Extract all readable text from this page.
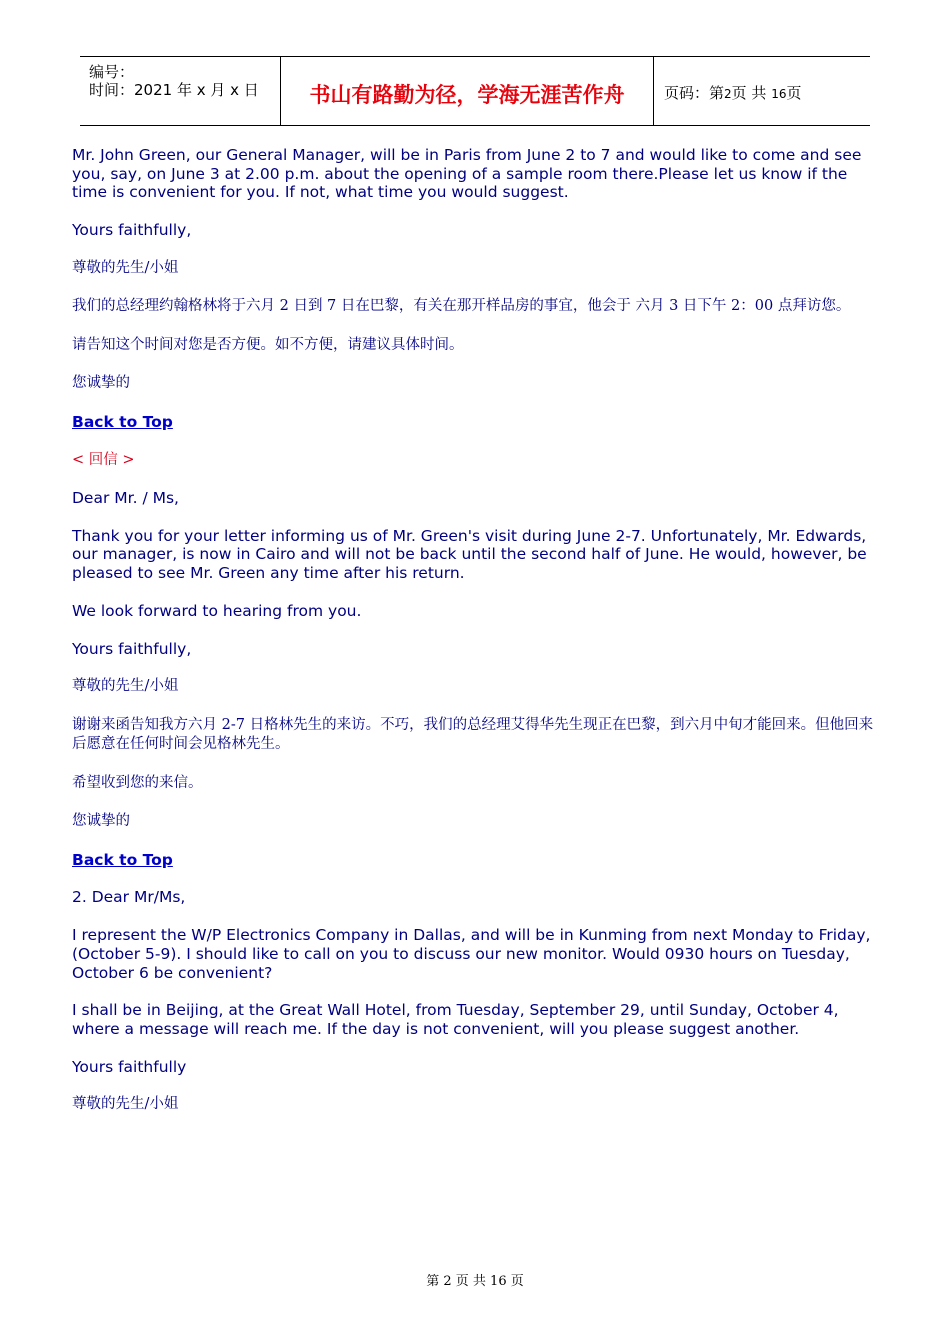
编号：
时间：2021 年 x 月 x 日	书山有路勤为径，学海无涯苦作舟	页码：第2页 共 16页

Mr. John Green, our General Manager, will be in Paris from June 2 to 7 and would like to come and see you, say, on June 3 at 2.00 p.m. about the opening of a sample room there.Please let us know if the time is convenient for you. If not, what time you would suggest.

Yours faithfully,

尊敬的先生/小姐

我们的总经理约翰格林将于六月 2 日到 7 日在巴黎，有关在那开样品房的事宜，他会于 六月 3 日下午 2：00 点拜访您。

请告知这个时间对您是否方便。如不方便，请建议具体时间。

您诚挚的

Back to Top

< 回信 >

Dear Mr. / Ms,

Thank you for your letter informing us of Mr. Green's visit during June 2-7. Unfortunately, Mr. Edwards, our manager, is now in Cairo and will not be back until the second half of June. He would, however, be pleased to see Mr. Green any time after his return.

We look forward to hearing from you.

Yours faithfully,

尊敬的先生/小姐

谢谢来函告知我方六月 2-7 日格林先生的来访。不巧，我们的总经理艾得华先生现正在巴黎，到六月中旬才能回来。但他回来后愿意在任何时间会见格林先生。

希望收到您的来信。

您诚挚的

Back to Top

2. Dear Mr/Ms,

I represent the W/P Electronics Company in Dallas, and will be in Kunming from next Monday to Friday, (October 5-9). I should like to call on you to discuss our new monitor. Would 0930 hours on Tuesday, October 6 be convenient?

I shall be in Beijing, at the Great Wall Hotel, from Tuesday, September 29, until Sunday, October 4, where a message will reach me. If the day is not convenient, will you please suggest another.

Yours faithfully

尊敬的先生/小姐

第 2 页 共 16 页
